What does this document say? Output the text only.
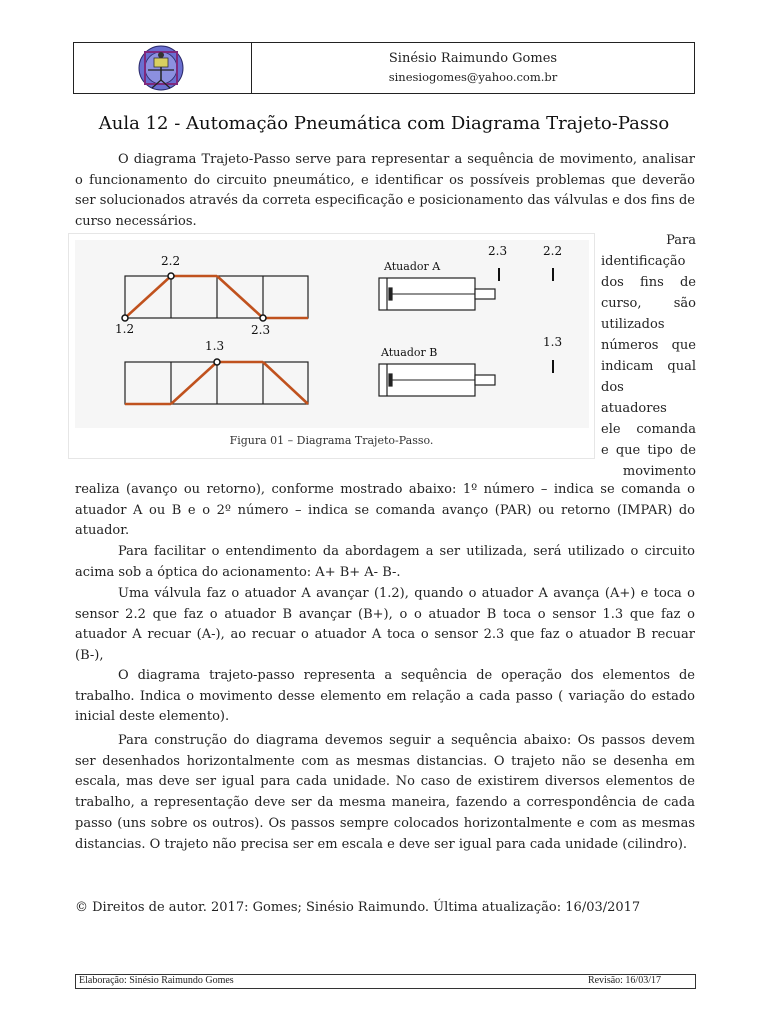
Sinésio Raimundo Gomes
sinesiogomes@yahoo.com.br
Aula 12 - Automação Pneumática com Diagrama Trajeto-Passo

O diagrama Trajeto-Passo serve para representar a sequência de movimento, analisar o funcionamento do circuito pneumático, e identificar os possíveis problemas que deverão ser solucionados através da correta especificação e posicionamento das válvulas e dos fins de curso necessários.

2.2
1.2	2.3
1.3
Atuador A
2.3	2.2
Atuador B
1.3
Figura 01 – Diagrama Trajeto-Passo.

Para
identificação
dos fins de
curso, são
utilizados
números que
indicam qual
dos
atuadores
ele comanda
e que tipo de
movimento

realiza (avanço ou retorno), conforme mostrado abaixo: 1º número – indica se comanda o atuador A ou B e o 2º número – indica se comanda avanço (PAR) ou retorno (IMPAR) do atuador.

Para facilitar o entendimento da abordagem a ser utilizada, será utilizado o circuito acima sob a óptica do acionamento: A+ B+ A- B-.

Uma válvula faz o atuador A avançar (1.2), quando o atuador A avança (A+) e toca o sensor 2.2 que faz o atuador B avançar (B+), o o atuador B toca o sensor 1.3 que faz o atuador A recuar (A-), ao recuar o atuador A toca o sensor 2.3 que faz o atuador B recuar (B-),

O diagrama trajeto-passo representa a sequência de operação dos elementos de trabalho. Indica o movimento desse elemento em relação a cada passo ( variação do estado inicial deste elemento).

Para construção do diagrama devemos seguir a sequência abaixo: Os passos devem ser desenhados horizontalmente com as mesmas distancias. O trajeto não se desenha em escala, mas deve ser igual para cada unidade. No caso de existirem diversos elementos de trabalho, a representação deve ser da mesma maneira, fazendo a correspondência de cada passo (uns sobre os outros). Os passos sempre colocados horizontalmente e com as mesmas distancias. O trajeto não precisa ser em escala e deve ser igual para cada unidade (cilindro).

© Direitos de autor. 2017: Gomes; Sinésio Raimundo. Última atualização: 16/03/2017

Elaboração: Sinésio Raimundo Gomes	Revisão: 16/03/17
